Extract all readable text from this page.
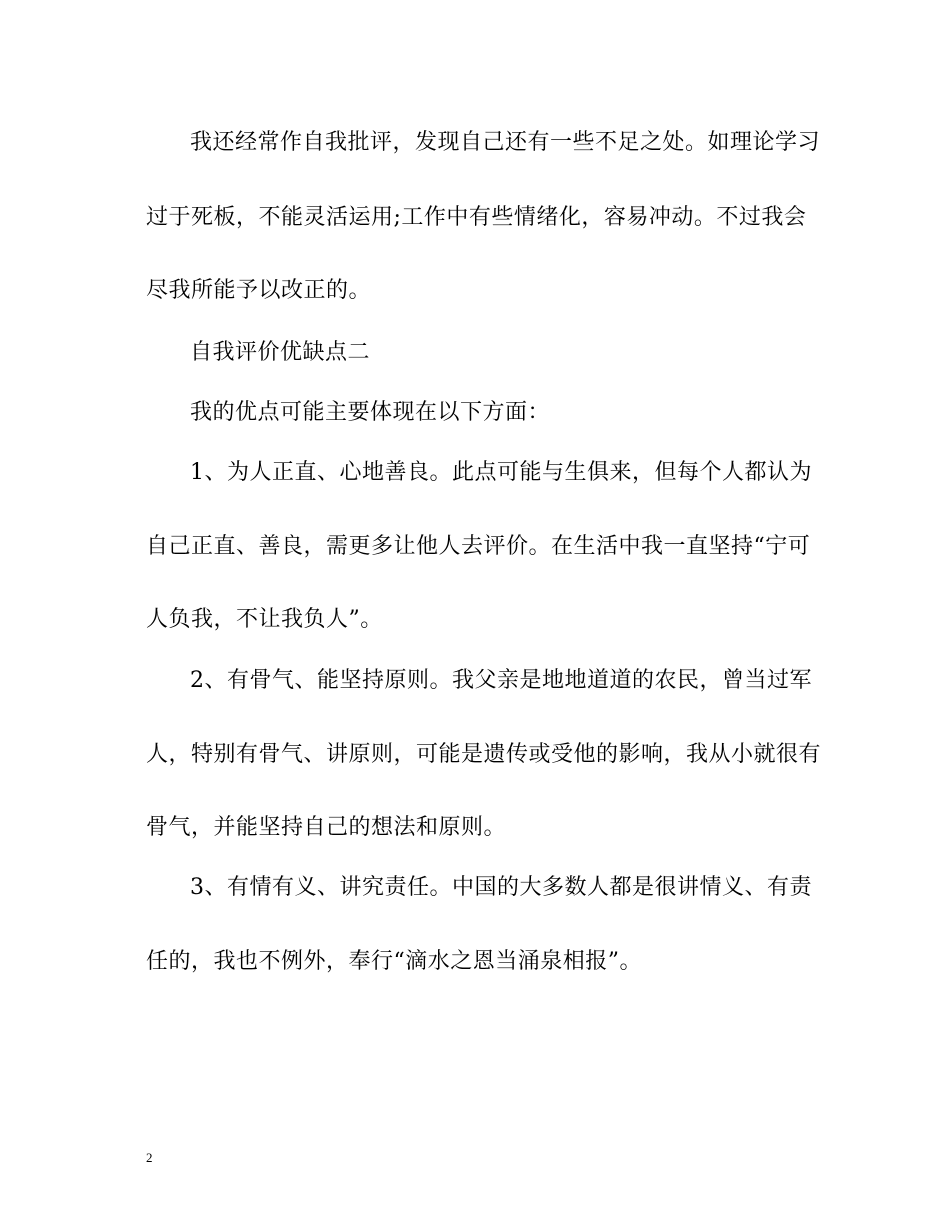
我还经常作自我批评，发现自己还有一些不足之处。如理论学习
过于死板，不能灵活运用;工作中有些情绪化，容易冲动。不过我会
尽我所能予以改正的。
自我评价优缺点二
我的优点可能主要体现在以下方面：
1、为人正直、心地善良。此点可能与生俱来，但每个人都认为
自己正直、善良，需更多让他人去评价。在生活中我一直坚持“宁可
人负我，不让我负人”。
2、有骨气、能坚持原则。我父亲是地地道道的农民，曾当过军
人，特别有骨气、讲原则，可能是遗传或受他的影响，我从小就很有
骨气，并能坚持自己的想法和原则。
3、有情有义、讲究责任。中国的大多数人都是很讲情义、有责
任的，我也不例外，奉行“滴水之恩当涌泉相报”。
2
